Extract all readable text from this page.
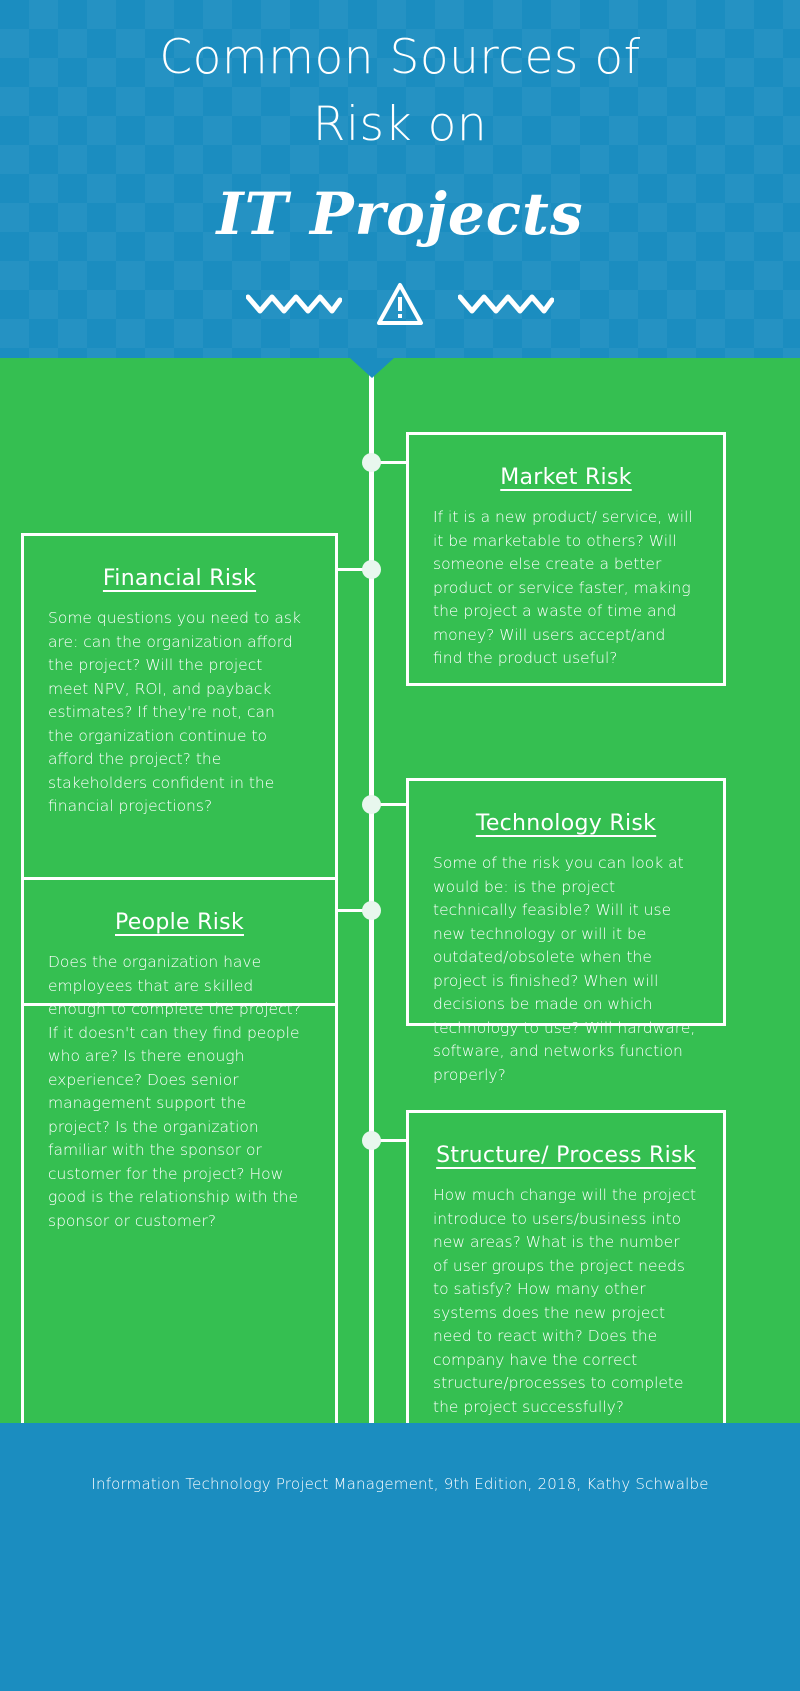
Common Sources of
Risk on
IT Projects
Market Risk
If it is a new product/ service, will it be marketable to others? Will someone else create a better product or service faster, making the project a waste of time and money? Will users accept/and find the product useful?
Financial Risk
Some questions you need to ask are: can the organization afford the project? Will the project meet NPV, ROI, and payback estimates? If they're not, can the organization continue to afford the project? the stakeholders confident in the financial projections?
Technology Risk
Some of the risk you can look at would be: is the project technically feasible? Will it use new technology or will it be outdated/obsolete when the project is finished? When will decisions be made on which technology to use? Will hardware, software, and networks function properly?
People Risk
Does the organization have employees that are skilled enough to complete the project? If it doesn't can they find people who are? Is there enough experience? Does senior management support the project? Is the organization familiar with the sponsor or customer for the project? How good is the relationship with the sponsor or customer?
Structure/ Process Risk
How much change will the project introduce to users/business into new areas? What is the number of user groups the project needs to satisfy? How many other systems does the new project need to react with? Does the company have the correct structure/processes to complete the project successfully?
Information Technology Project Management, 9th Edition, 2018, Kathy Schwalbe
